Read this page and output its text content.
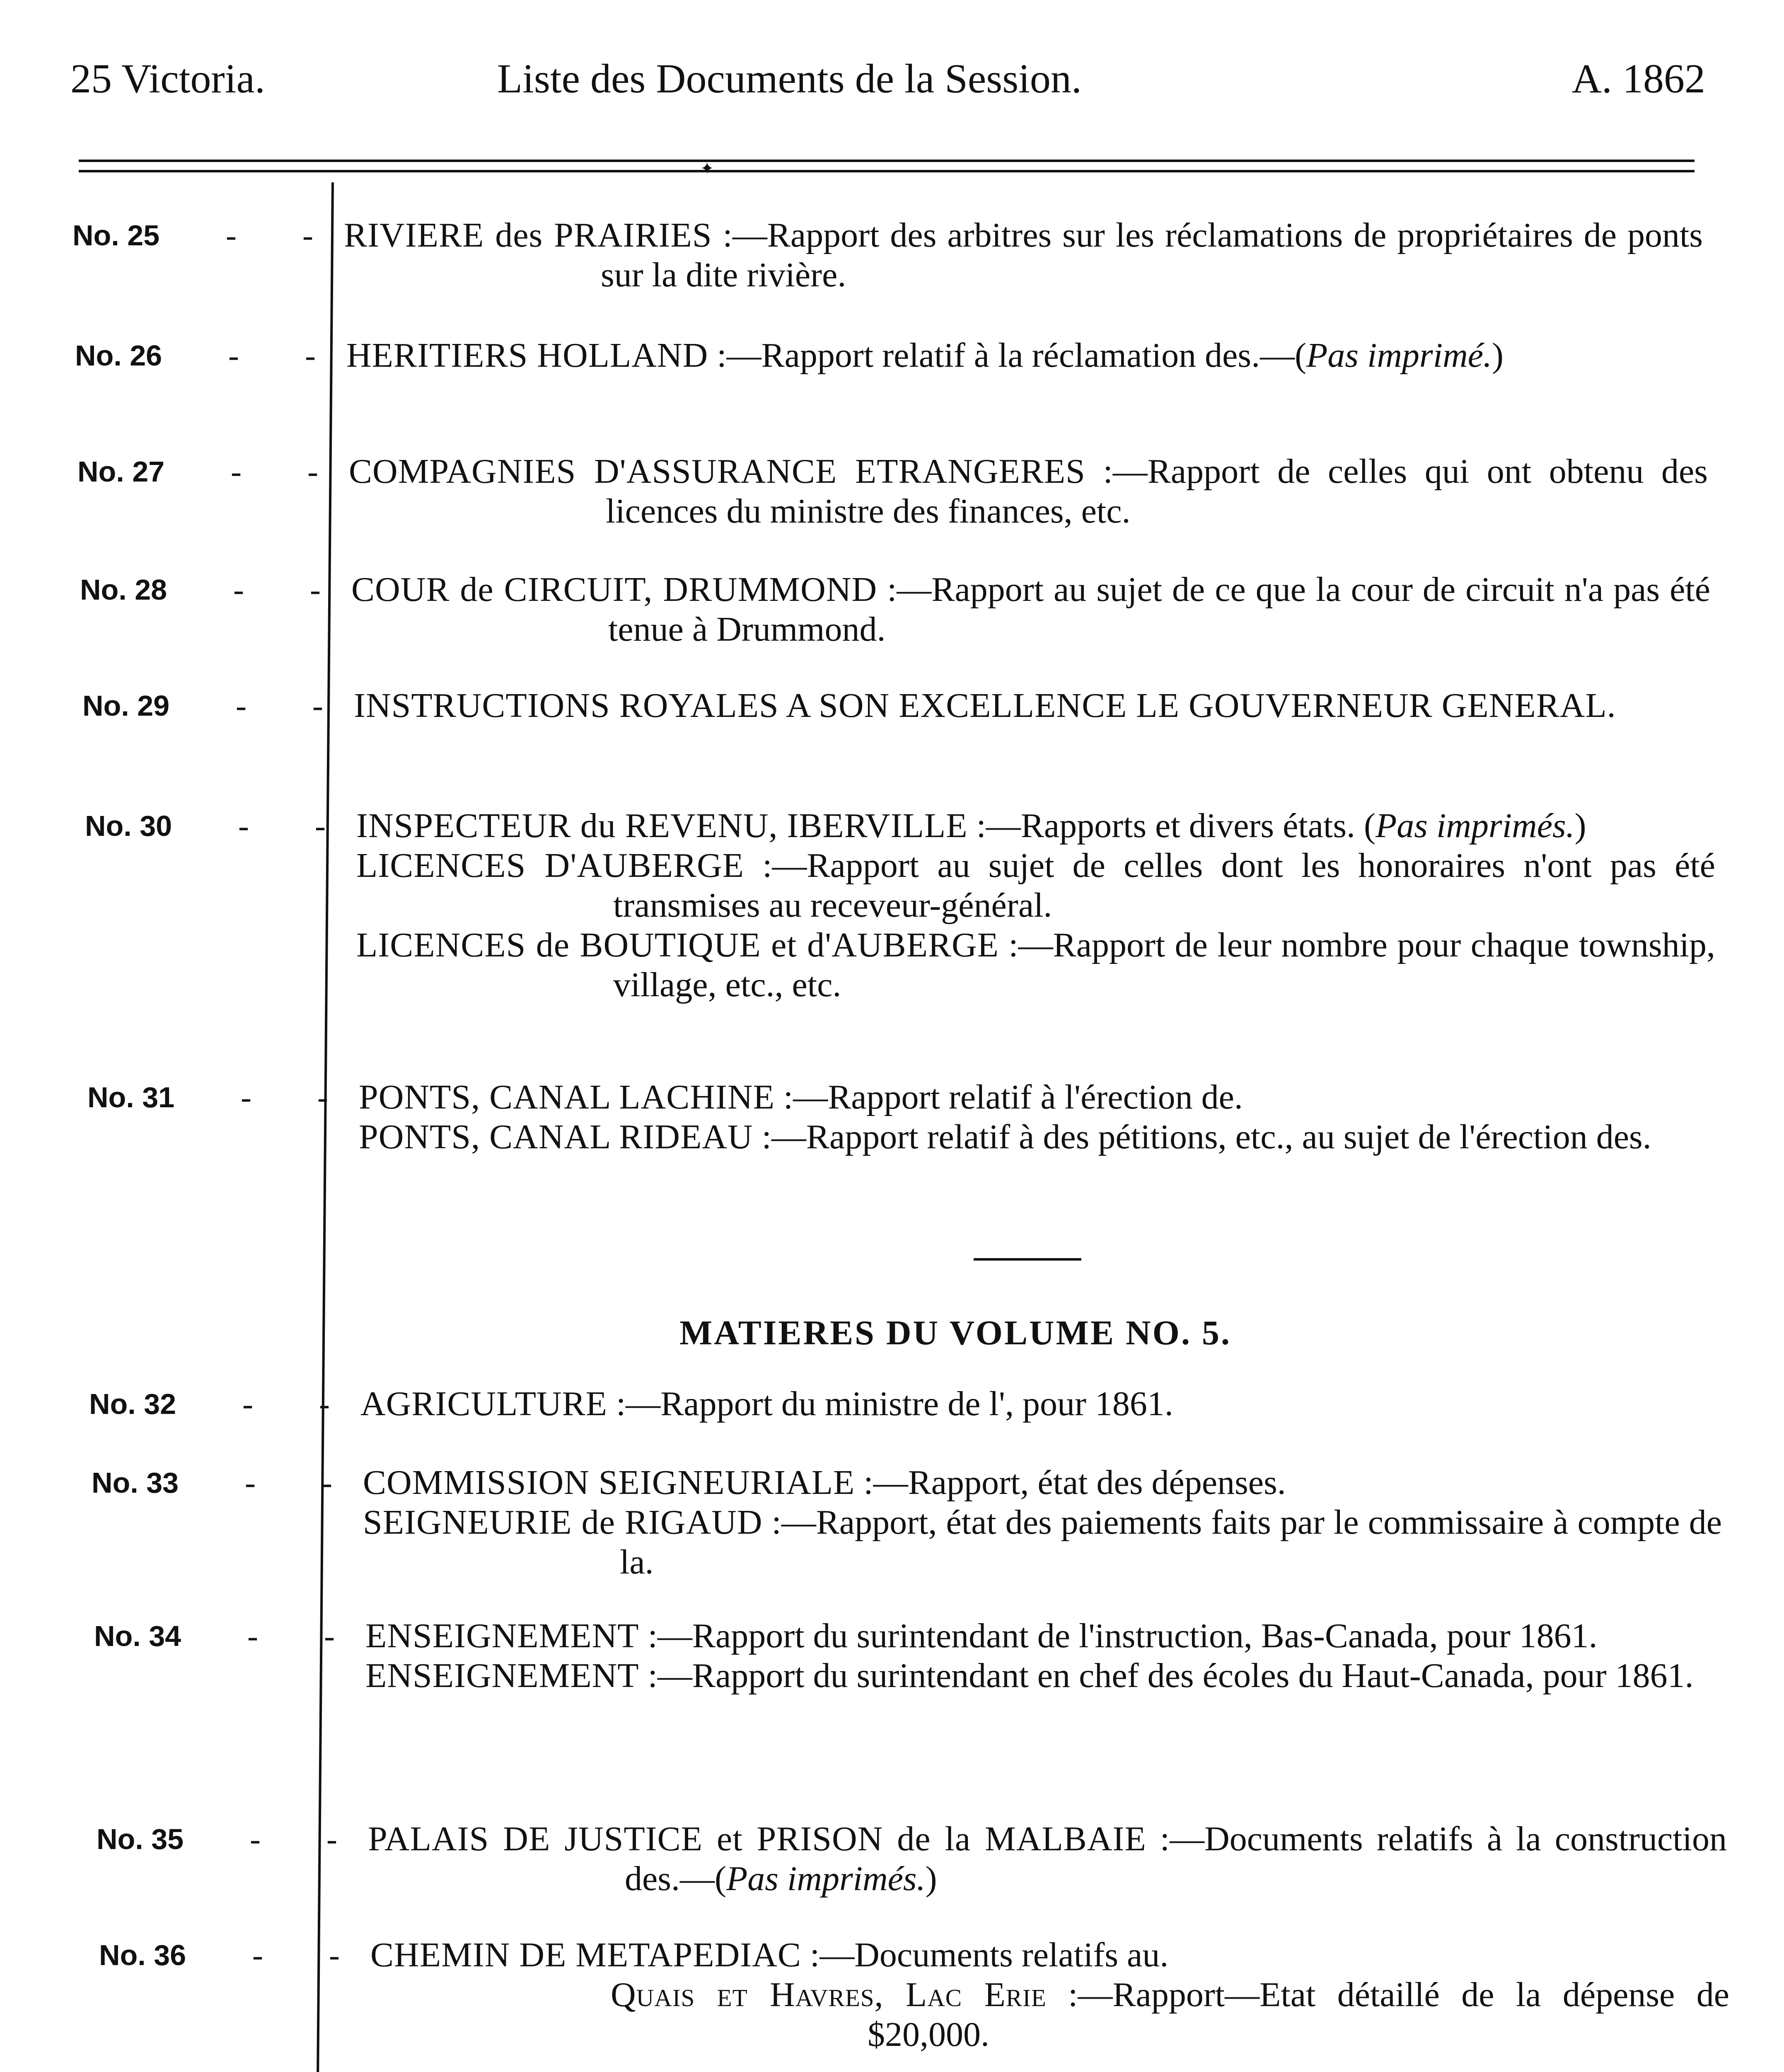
25 Victoria.	Liste des Documents de la Session.	A. 1862
✦
No. 25 - - RIVIERE des PRAIRIES :—Rapport des arbitres sur les réclamations de propriétaires de ponts sur la dite rivière.
No. 26 - - HERITIERS HOLLAND :—Rapport relatif à la réclamation des.—(Pas imprimé.)
No. 27 - - COMPAGNIES D'ASSURANCE ETRANGERES :—Rapport de celles qui ont obtenu des licences du ministre des finances, etc.
No. 28 - - COUR de CIRCUIT, DRUMMOND :—Rapport au sujet de ce que la cour de circuit n'a pas été tenue à Drummond.
No. 29 - - INSTRUCTIONS ROYALES A SON EXCELLENCE LE GOUVERNEUR GENERAL.
No. 30 - - INSPECTEUR du REVENU, IBERVILLE :—Rapports et divers états. (Pas imprimés.)
LICENCES D'AUBERGE :—Rapport au sujet de celles dont les honoraires n'ont pas été transmises au receveur-général.
LICENCES de BOUTIQUE et d'AUBERGE :—Rapport de leur nombre pour chaque township, village, etc., etc.
No. 31 - - PONTS, CANAL LACHINE :—Rapport relatif à l'érection de.
PONTS, CANAL RIDEAU :—Rapport relatif à des pétitions, etc., au sujet de l'érection des.
MATIERES DU VOLUME NO. 5.
No. 32 - - AGRICULTURE :—Rapport du ministre de l', pour 1861.
No. 33 - - COMMISSION SEIGNEURIALE :—Rapport, état des dépenses.
SEIGNEURIE de RIGAUD :—Rapport, état des paiements faits par le commissaire à compte de la.
No. 34 - - ENSEIGNEMENT :—Rapport du surintendant de l'instruction, Bas-Canada, pour 1861.
ENSEIGNEMENT :—Rapport du surintendant en chef des écoles du Haut-Canada, pour 1861.
No. 35 - - PALAIS DE JUSTICE et PRISON de la MALBAIE :—Documents relatifs à la construction des.—(Pas imprimés.)
No. 36 - - CHEMIN DE METAPEDIAC :—Documents relatifs au.
Quais et Havres, Lac Erie :—Rapport—Etat détaillé de la dépense de $20,000.
